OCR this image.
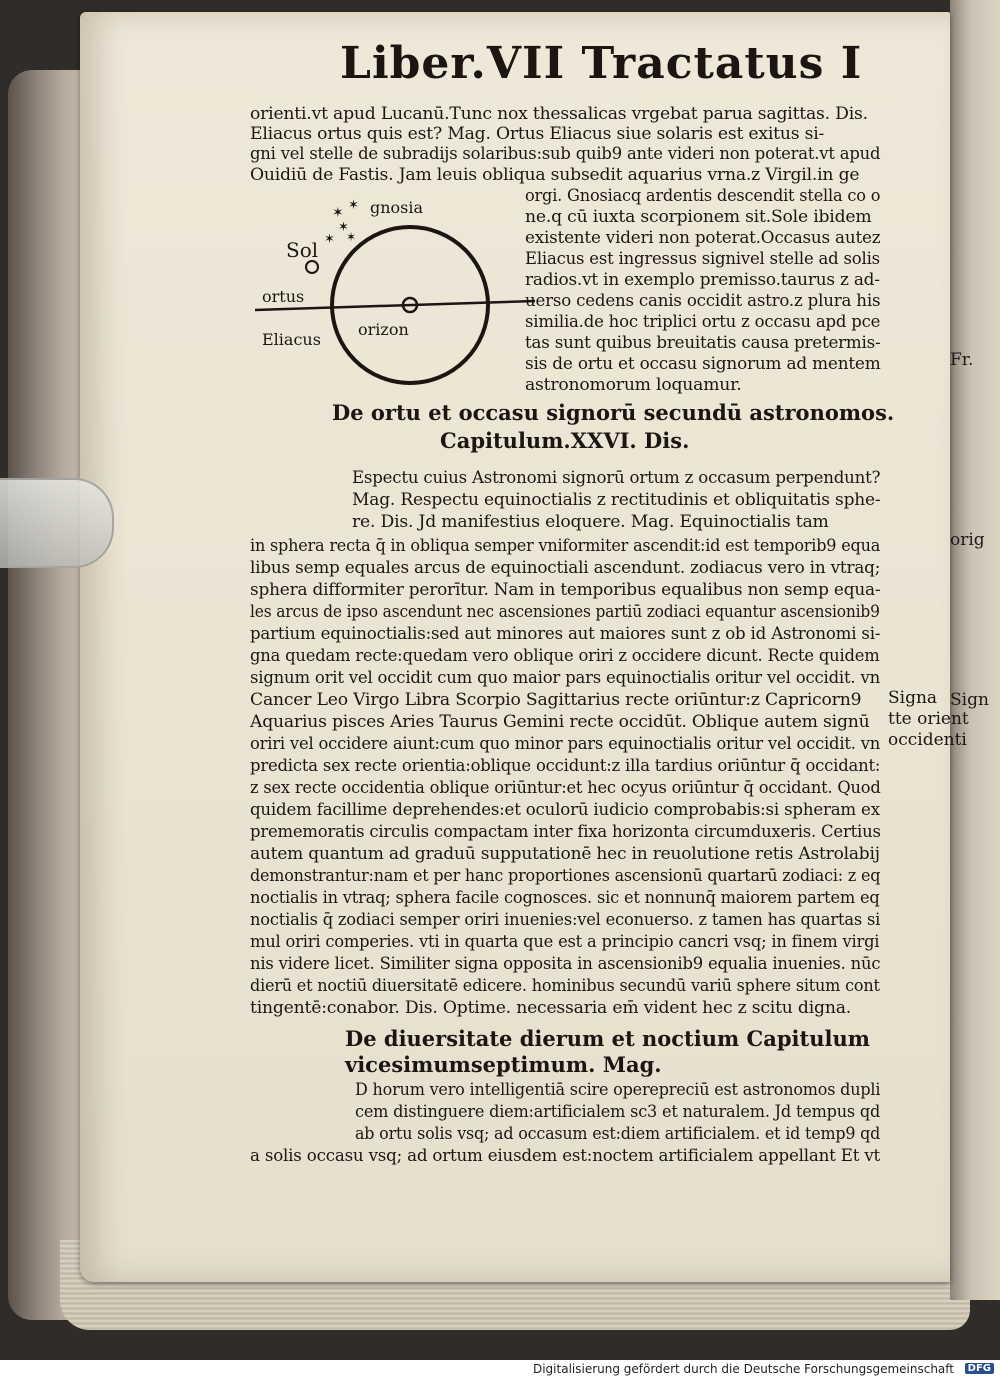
Sign
Fr.
orig
Liber.VII Tractatus I
orienti.vt apud Lucanū.Tunc nox thessalicas vrgebat parua sagittas. Dis.
Eliacus ortus quis est? Mag. Ortus Eliacus siue solaris est exitus si-
gni vel stelle de subradijs solaribus:sub quib9 ante videri non poterat.vt apud
Ouidiū de Fastis. Jam leuis obliqua subsedit aquarius vrna.z Virgil.in ge
✶ ✶
✶
✶ ✶
gnosia
Sol
ortus
Eliacus
orizon
orgi. Gnosiacq ardentis descendit stella co o
ne.q cū iuxta scorpionem sit.Sole ibidem
existente videri non poterat.Occasus autez
Eliacus est ingressus signivel stelle ad solis
radios.vt in exemplo premisso.taurus z ad-
uerso cedens canis occidit astro.z plura his
similia.de hoc triplici ortu z occasu apd pce
tas sunt quibus breuitatis causa pretermis-
sis de ortu et occasu signorum ad mentem
astronomorum loquamur.
De ortu et occasu signorū secundū astronomos.
Capitulum.XXVI. Dis.
Espectu cuius Astronomi signorū ortum z occasum perpendunt?
Mag. Respectu equinoctialis z rectitudinis et obliquitatis sphe-
re. Dis. Jd manifestius eloquere. Mag. Equinoctialis tam
in sphera recta q̄ in obliqua semper vniformiter ascendit:id est temporib9 equa
libus semp equales arcus de equinoctiali ascendunt. zodiacus vero in vtraq;
sphera difformiter perorītur. Nam in temporibus equalibus non semp equa-
les arcus de ipso ascendunt nec ascensiones partiū zodiaci equantur ascensionib9
partium equinoctialis:sed aut minores aut maiores sunt z ob id Astronomi si-
gna quedam recte:quedam vero oblique oriri z occidere dicunt. Recte quidem
signum orit vel occidit cum quo maior pars equinoctialis oritur vel occidit. vn
Cancer Leo Virgo Libra Scorpio Sagittarius recte oriūntur:z Capricorn9
Aquarius pisces Aries Taurus Gemini recte occidūt. Oblique autem signū
oriri vel occidere aiunt:cum quo minor pars equinoctialis oritur vel occidit. vn
predicta sex recte orientia:oblique occidunt:z illa tardius oriūntur q̄ occidant:
z sex recte occidentia oblique oriūntur:et hec ocyus oriūntur q̄ occidant. Quod
quidem facillime deprehendes:et oculorū iudicio comprobabis:si spheram ex
prememoratis circulis compactam inter fixa horizonta circumduxeris. Certius
autem quantum ad graduū supputationē hec in reuolutione retis Astrolabij
demonstrantur:nam et per hanc proportiones ascensionū quartarū zodiaci: z eq
noctialis in vtraq; sphera facile cognosces. sic et nonnunq̄ maiorem partem eq
noctialis q̄ zodiaci semper oriri inuenies:vel econuerso. z tamen has quartas si
mul oriri comperies. vti in quarta que est a principio cancri vsq; in finem virgi
nis videre licet. Similiter signa opposita in ascensionib9 equalia inuenies. nūc
dierū et noctiū diuersitatē edicere. hominibus secundū variū sphere situm cont
tingentē:conabor. Dis. Optime. necessaria em̄ vident hec z scitu digna.
Signa
tte orient
occidenti
De diuersitate dierum et noctium Capitulum
vicesimumseptimum. Mag.
D horum vero intelligentiā scire operepreciū est astronomos dupli
cem distinguere diem:artificialem sc3 et naturalem. Jd tempus qd
ab ortu solis vsq; ad occasum est:diem artificialem. et id temp9 qd
a solis occasu vsq; ad ortum eiusdem est:noctem artificialem appellant Et vt
Digitalisierung gefördert durch die Deutsche Forschungsgemeinschaft	DFG
